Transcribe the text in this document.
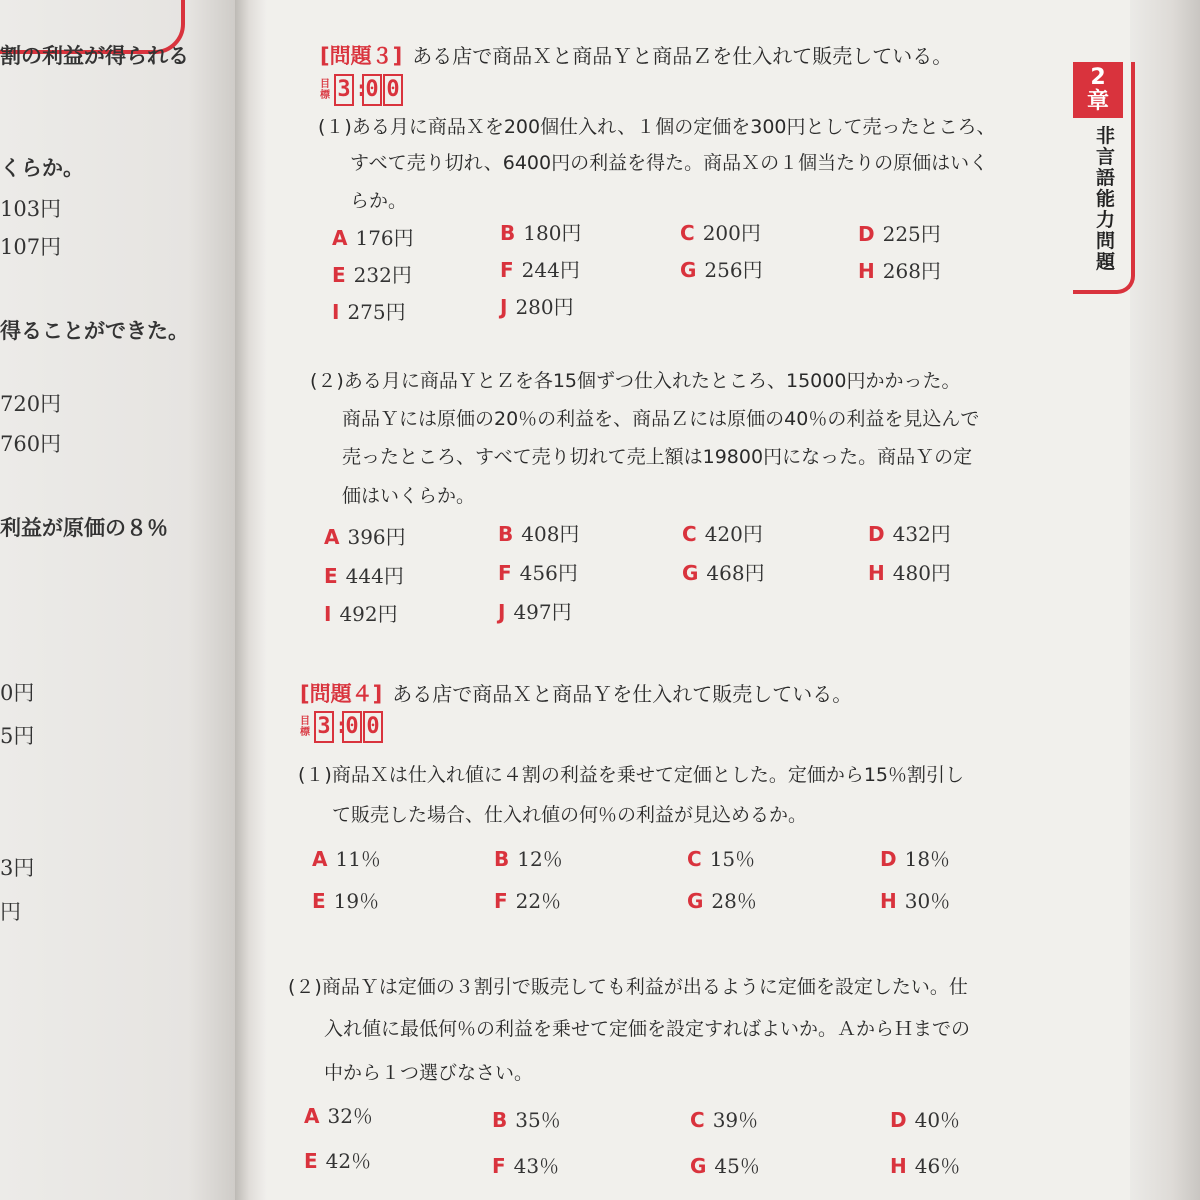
割の利益が得られる
くらか。
103円
107円
得ることができた。
720円
760円
利益が原価の８％
0円
5円
3円
円
2
章
非言語能力問題
[問題３] ある店で商品Ｘと商品Ｙと商品Ｚを仕入れて販売している。
目標 3 :
0 0
(１)ある月に商品Ｘを200個仕入れ、１個の定価を300円として売ったところ、
すべて売り切れ、6400円の利益を得た。商品Ｘの１個当たりの原価はいく
らか。
A 176円	B 180円	C 200円	D 225円
E 232円	F 244円	G 256円	H 268円
I 275円	J 280円
(２)ある月に商品ＹとＺを各15個ずつ仕入れたところ、15000円かかった。
商品Ｙには原価の20％の利益を、商品Ｚには原価の40％の利益を見込んで
売ったところ、すべて売り切れて売上額は19800円になった。商品Ｙの定
価はいくらか。
A 396円	B 408円	C 420円	D 432円
E 444円	F 456円	G 468円	H 480円
I 492円	J 497円
[問題４] ある店で商品Ｘと商品Ｙを仕入れて販売している。
目標 3 :
0 0
(１)商品Ｘは仕入れ値に４割の利益を乗せて定価とした。定価から15％割引し
て販売した場合、仕入れ値の何％の利益が見込めるか。
A 11％	B 12％	C 15％	D 18％
E 19％	F 22％	G 28％	H 30％
(２)商品Ｙは定価の３割引で販売しても利益が出るように定価を設定したい。仕
入れ値に最低何％の利益を乗せて定価を設定すればよいか。ＡからＨまでの
中から１つ選びなさい。
A 32％	B 35％	C 39％	D 40％
E 42％	F 43％	G 45％	H 46％
